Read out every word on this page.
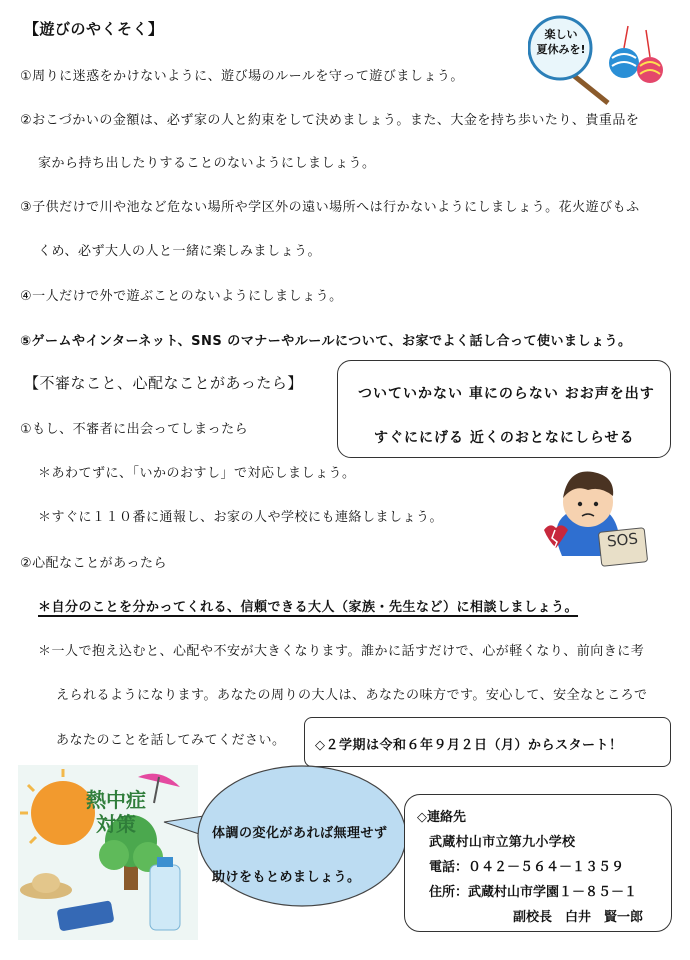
【遊びのやくそく】
①周りに迷惑をかけないように、遊び場のルールを守って遊びましょう。
②おこづかいの金額は、必ず家の人と約束をして決めましょう。また、大金を持ち歩いたり、貴重品を
家から持ち出したりすることのないようにしましょう。
③子供だけで川や池など危ない場所や学区外の遠い場所へは行かないようにしましょう。花火遊びもふ
くめ、必ず大人の人と一緒に楽しみましょう。
④一人だけで外で遊ぶことのないようにしましょう。
⑤ゲームやインターネット、SNS のマナーやルールについて、お家でよく話し合って使いましょう。
楽しい
夏休みを!
【不審なこと、心配なことがあったら】
ついていかない 車にのらない おお声を出す
すぐににげる 近くのおとなにしらせる
①もし、不審者に出会ってしまったら
＊あわてずに、「いかのおすし」で対応しましょう。
＊すぐに１１０番に通報し、お家の人や学校にも連絡しましょう。
SOS
②心配なことがあったら
＊自分のことを分かってくれる、信頼できる大人（家族・先生など）に相談しましょう。
＊一人で抱え込むと、心配や不安が大きくなります。誰かに話すだけで、心が軽くなり、前向きに考
えられるようになります。あなたの周りの大人は、あなたの味方です。安心して、安全なところで
あなたのことを話してみてください。 ◇２学期は令和６年９月２日（月）からスタート！
熱中症
対策	体調の変化があれば無理せず
助けをもとめましょう。
◇連絡先
武蔵村山市立第九小学校
電話：０４２－５６４－１３５９
住所：武蔵村山市学園１－８５－１
副校長　白井　賢一郎
